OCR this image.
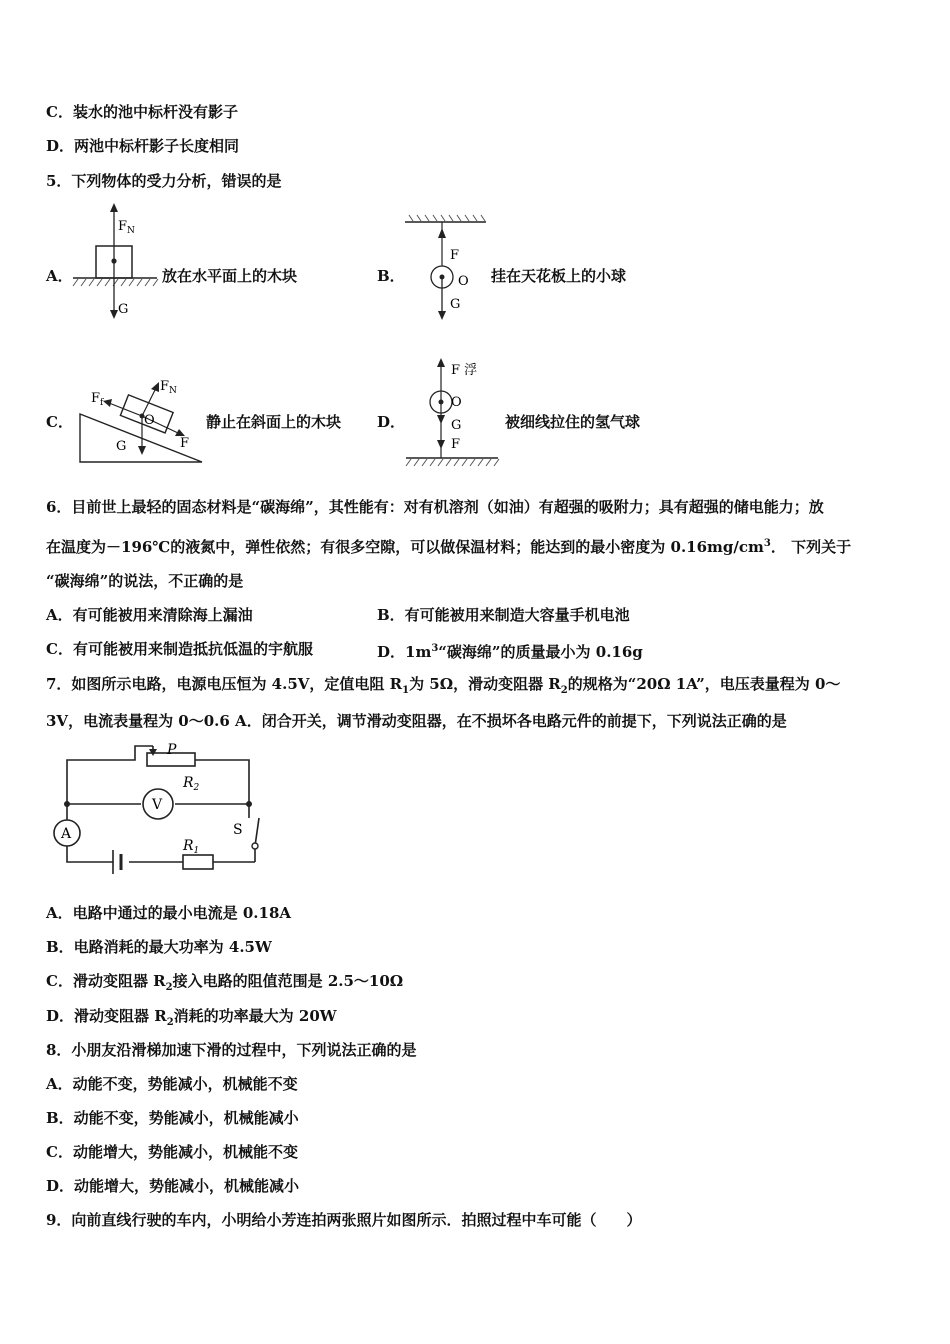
C．装水的池中标杆没有影子
D．两池中标杆影子长度相同
5．下列物体的受力分析，错误的是
A．
$F_N$
G
放在水平面上的木块	B．
F
O
G
挂在天花板上的小球
C．
$F_f$
$F_N$
O
F
G
静止在斜面上的木块 D．
F 浮
O
G
F
被细线拉住的氢气球
6．目前世上最轻的固态材料是“碳海绵”，其性能有：对有机溶剂（如油）有超强的吸附力；具有超强的储电能力；放
在温度为－196℃的液氮中，弹性依然；有很多空隙，可以做保温材料；能达到的最小密度为 $0.16mg/cm^3$． 下列关于
“碳海绵”的说法，不正确的是
A．有可能被用来清除海上漏油	B．有可能被用来制造大容量手机电池
C．有可能被用来制造抵抗低温的宇航服	D．$1m^3“$碳海绵”的质量最小为 0.16g
7．如图所示电路，电源电压恒为 4.5V，定值电阻 $R_1$为 5Ω，滑动变阻器 $R_2$的规格为“20Ω 1A”，电压表量程为 0～
3V，电流表量程为 0～0.6 A．闭合开关，调节滑动变阻器，在不损坏各电路元件的前提下，下列说法正确的是
P
$R_2$
V
A	S
$R_1$
A．电路中通过的最小电流是 0.18A
B．电路消耗的最大功率为 4.5W
C．滑动变阻器 $R_2$接入电路的阻值范围是 2.5～10Ω
D．滑动变阻器 $R_2$消耗的功率最大为 20W
8．小朋友沿滑梯加速下滑的过程中，下列说法正确的是
A．动能不变，势能减小，机械能不变
B．动能不变，势能减小，机械能减小
C．动能增大，势能减小，机械能不变
D．动能增大，势能减小，机械能减小
9．向前直线行驶的车内，小明给小芳连拍两张照片如图所示．拍照过程中车可能（　　）
